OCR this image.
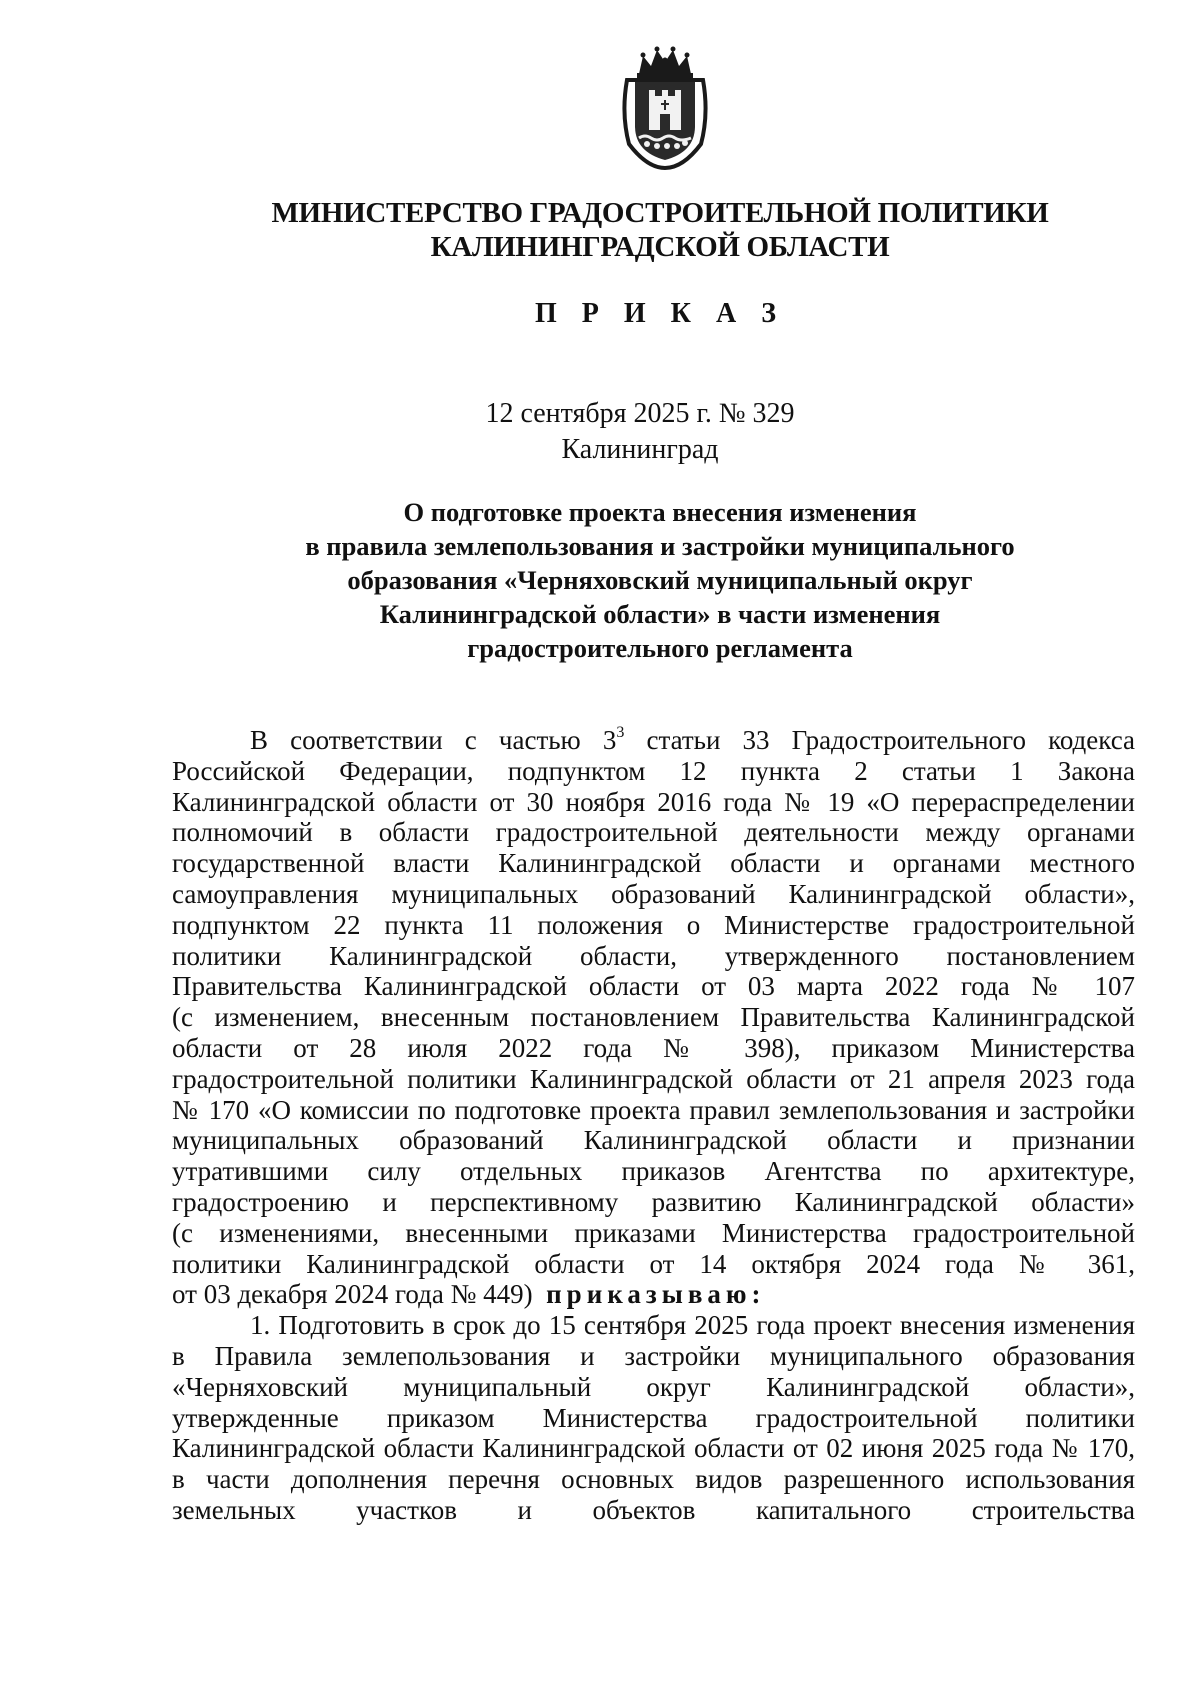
МИНИСТЕРСТВО ГРАДОСТРОИТЕЛЬНОЙ ПОЛИТИКИ
КАЛИНИНГРАДСКОЙ ОБЛАСТИ
П Р И К А З
12 сентября 2025 г. № 329
Калининград
О подготовке проекта внесения изменения
в правила землепользования и застройки муниципального
образования «Черняховский муниципальный округ
Калининградской области» в части изменения
градостроительного регламента
В соответствии с частью $3^3$ статьи 33 Градостроительного кодекса
Российской Федерации, подпунктом 12 пункта 2 статьи 1 Закона
Калининградской области от 30 ноября 2016 года № 19 «О перераспределении
полномочий в области градостроительной деятельности между органами
государственной власти Калининградской области и органами местного
самоуправления муниципальных образований Калининградской области»,
подпунктом 22 пункта 11 положения о Министерстве градостроительной
политики Калининградской области, утвержденного постановлением
Правительства Калининградской области от 03 марта 2022 года № 107
(с изменением, внесенным постановлением Правительства Калининградской
области от 28 июля 2022 года № 398), приказом Министерства
градостроительной политики Калининградской области от 21 апреля 2023 года
№ 170 «О комиссии по подготовке проекта правил землепользования и застройки
муниципальных образований Калининградской области и признании
утратившими силу отдельных приказов Агентства по архитектуре,
градостроению и перспективному развитию Калининградской области»
(с изменениями, внесенными приказами Министерства градостроительной
политики Калининградской области от 14 октября 2024 года № 361,
от 03 декабря 2024 года № 449) приказываю:
1. Подготовить в срок до 15 сентября 2025 года проект внесения изменения
в Правила землепользования и застройки муниципального образования
«Черняховский муниципальный округ Калининградской области»,
утвержденные приказом Министерства градостроительной политики
Калининградской области Калининградской области от 02 июня 2025 года № 170,
в части дополнения перечня основных видов разрешенного использования
земельных участков и объектов капитального строительства
